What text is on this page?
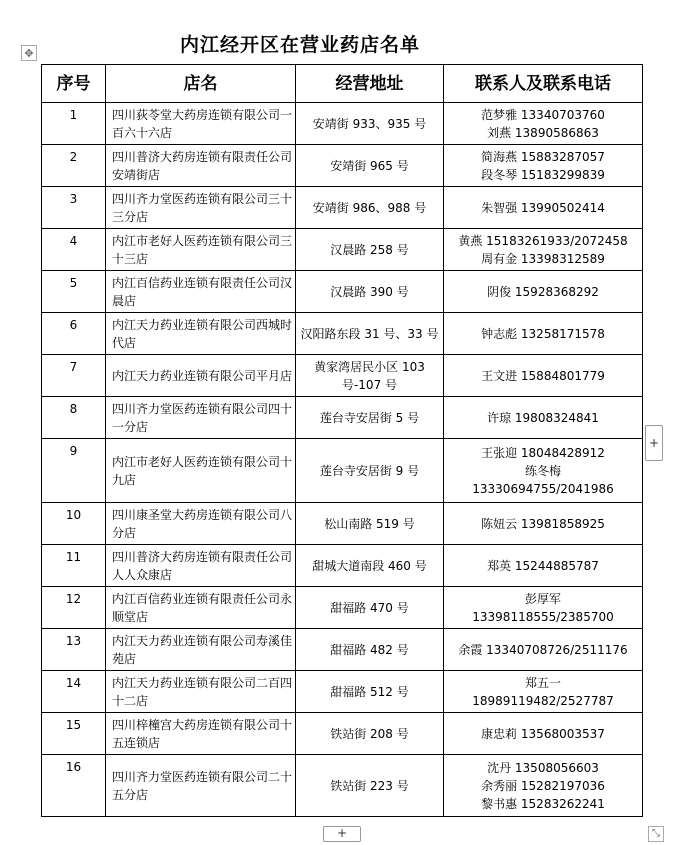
内江经开区在营业药店名单
✥
序号	店名	经营地址	联系人及联系电话
1	四川荻苓堂大药房连锁有限公司一百六十六店	安靖街 933、935 号	范梦雅 13340703760
刘燕 13890586863

2	四川普济大药房连锁有限责任公司安靖街店	安靖街 965 号	简海燕 15883287057
段冬琴 15183299839

3	四川齐力堂医药连锁有限公司三十三分店	安靖街 986、988 号	朱智强 13990502414

4	内江市老好人医药连锁有限公司三十三店	汉晨路 258 号	黄燕 15183261933/2072458
周有金 13398312589

5	内江百信药业连锁有限责任公司汉晨店	汉晨路 390 号	阴俊 15928368292

6	内江天力药业连锁有限公司西城时代店	汉阳路东段 31 号、33 号	钟志彪 13258171578

7	内江天力药业连锁有限公司平月店	黄家湾居民小区 103 号-107 号	王文进 15884801779

8	四川齐力堂医药连锁有限公司四十一分店	莲台寺安居街 5 号	许琼 19808324841

9	内江市老好人医药连锁有限公司十九店	莲台寺安居街 9 号	王张迎 18048428912
练冬梅
13330694755/2041986

10	四川康圣堂大药房连锁有限公司八分店	松山南路 519 号	陈妞云 13981858925

11	四川普济大药房连锁有限责任公司人人众康店	甜城大道南段 460 号	郑英 15244885787

12	内江百信药业连锁有限责任公司永顺堂店	甜福路 470 号	彭厚军
13398118555/2385700

13	内江天力药业连锁有限公司寿溪佳苑店	甜福路 482 号	余霞 13340708726/2511176

14	内江天力药业连锁有限公司二百四十二店	甜福路 512 号	郑五一
18989119482/2527787

15	四川梓橦宫大药房连锁有限公司十五连锁店	铁站街 208 号	康忠莉 13568003537

16	四川齐力堂医药连锁有限公司二十五分店	铁站街 223 号	沈丹 13508056603
余秀丽 15282197036
黎书惠 15283262241
+
+	⤡
